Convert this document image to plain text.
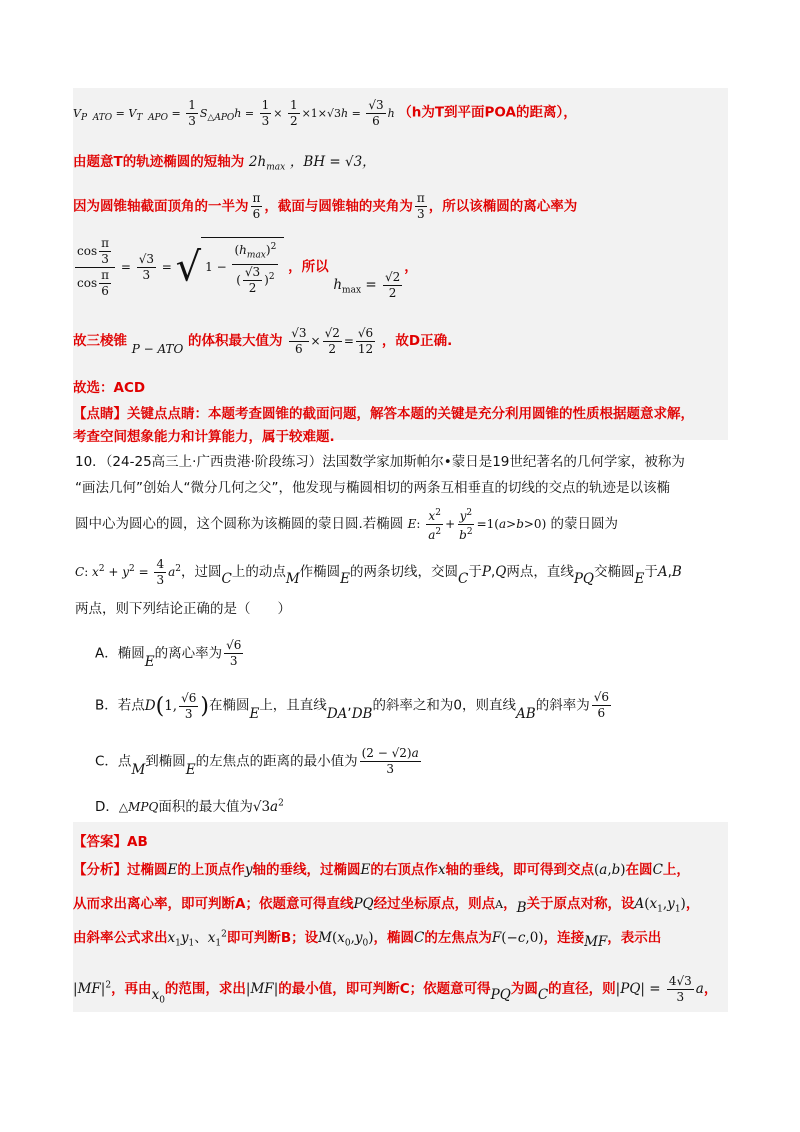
$V_{P ATO} = V_{T APO} = \frac{1}{3} S_{\triangle APO}h = \frac{1}{3} \times \frac{1}{2} \times 1\times√3h = \frac{√3}{6}$ h （h为T到平面POA的距离），
由题意T的轨迹椭圆的短轴为 $2h_{max}$ ，BH = √3，
因为圆锥轴截面顶角的一半为 $\frac{\pi}{6}$ ，截面与圆锥轴的夹角为 $\frac{\pi}{3}$ ，所以该椭圆的离心率为
$\frac{\cos \frac{\pi}{3}}{\cos \frac{\pi}{6}} = \frac{√3}{3}$ = √ $1 - \frac{(h_{max})^2}{( \frac{√3}{2} )^2}$ ，所以 $h_{max} = \frac{√2}{2}$
，
故三棱锥 P − ATO 的体积最大值为 $\frac{√3}{6} \times \frac{√2}{2} = \frac{√6}{12}$ ，故D正确.
故选：ACD
【点睛】关键点点睛：本题考查圆锥的截面问题，解答本题的关键是充分利用圆锥的性质根据题意求解，
考查空间想象能力和计算能力，属于较难题.
10．（24-25高三上·广西贵港·阶段练习）法国数学家加斯帕尔•蒙日是19世纪著名的几何学家，被称为
“画法几何”创始人“微分几何之父”，他发现与椭圆相切的两条互相垂直的切线的交点的轨迹是以该椭
圆中心为圆心的圆，这个圆称为该椭圆的蒙日圆.若椭圆 E: $\frac{x^2}{a^2} + \frac{y^2}{b^2} =1(a>b>0)$ 的蒙日圆为
C: $x^2 + y^2 = \frac{4}{3} a^2$，过圆C上的动点M作椭圆E的两条切线，交圆C于P,Q两点，直线PQ交椭圆E于A,B
两点，则下列结论正确的是（　　）
A．椭圆E的离心率为 $\frac{√6}{3}$
B．若点D(1, $\frac{√6}{3}$ )在椭圆E上，且直线DA,DB的斜率之和为0，则直线AB的斜率为 $\frac{√6}{6}$
C．点M到椭圆E的左焦点的距离的最小值为 $\frac{(2 - √2)a}{3}$
D．△MPQ面积的最大值为$√3a^2$
【答案】AB
【分析】过椭圆E的上顶点作y轴的垂线，过椭圆E的右顶点作x轴的垂线，即可得到交点(a,b)在圆C上，
从而求出离心率，即可判断A；依题意可得直线PQ经过坐标原点，则点A，B关于原点对称，设$A(x_1,y_1)$，
由斜率公式求出$x_1y_1$、$x_1^2$即可判断B；设$M(x_0,y_0)$，椭圆C的左焦点为F(−c,0)，连接MF，表示出
$|MF|^2$，再由$x_0$的范围，求出|MF|的最小值，即可判断C；依题意可得PQ为圆C的直径，则$|PQ| = \frac{4√3}{3}$ a，
